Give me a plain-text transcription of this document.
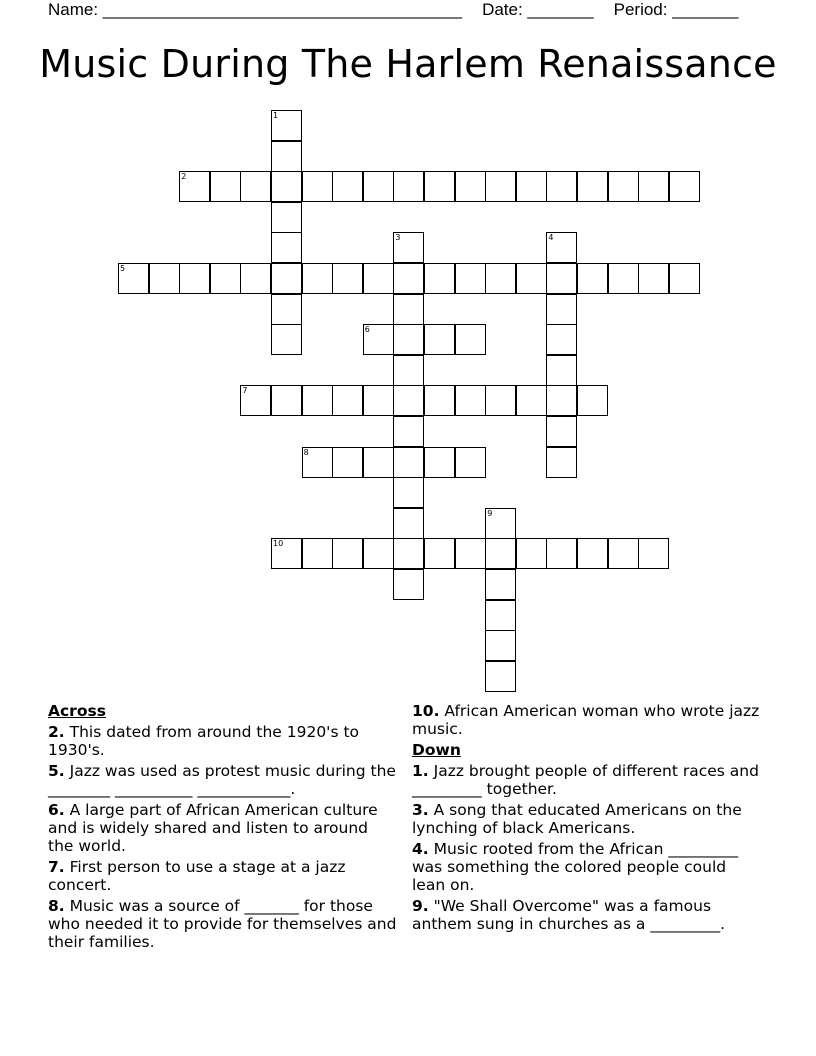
Name: ______________________________________ Date: _______ Period: _______
Music During The Harlem Renaissance
1
2
3	4
5
6
7
8
9
10
Across
2. This dated from around the 1920's to 1930's.
5. Jazz was used as protest music during the ________ __________ ____________.
6. A large part of African American culture and is widely shared and listen to around the world.
7. First person to use a stage at a jazz concert.
8. Music was a source of _______ for those who needed it to provide for themselves and their families.
10. African American woman who wrote jazz music.
Down
1. Jazz brought people of different races and _________ together.
3. A song that educated Americans on the lynching of black Americans.
4. Music rooted from the African _________ was something the colored people could lean on.
9. "We Shall Overcome" was a famous anthem sung in churches as a _________.
